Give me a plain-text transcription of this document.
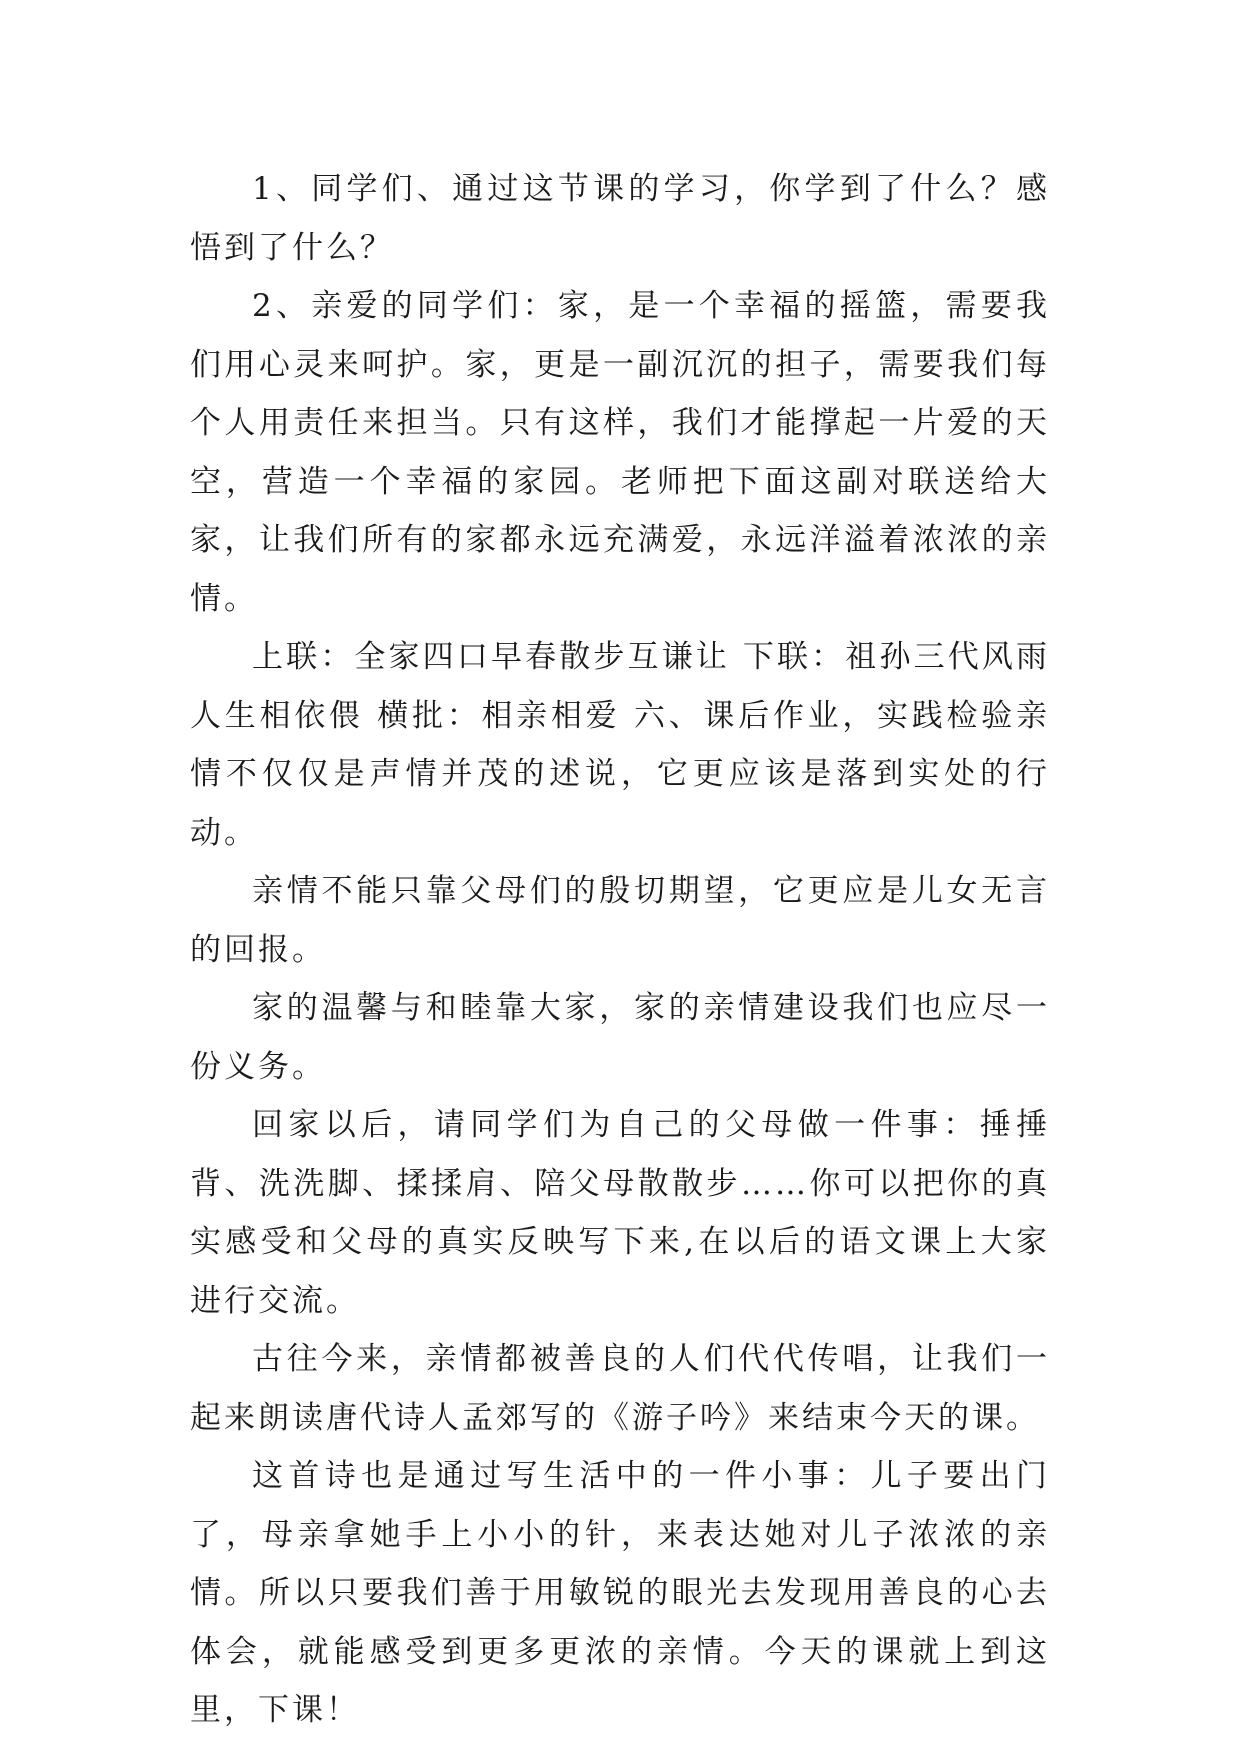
1、同学们、通过这节课的学习，你学到了什么？感悟到了什么？

2、亲爱的同学们：家，是一个幸福的摇篮，需要我们用心灵来呵护。家，更是一副沉沉的担子，需要我们每个人用责任来担当。只有这样，我们才能撑起一片爱的天空，营造一个幸福的家园。老师把下面这副对联送给大家，让我们所有的家都永远充满爱，永远洋溢着浓浓的亲情。

上联：全家四口早春散步互谦让 下联：祖孙三代风雨人生相依偎 横批：相亲相爱 六、课后作业，实践检验亲情不仅仅是声情并茂的述说，它更应该是落到实处的行动。

亲情不能只靠父母们的殷切期望，它更应是儿女无言的回报。

家的温馨与和睦靠大家，家的亲情建设我们也应尽一份义务。

回家以后，请同学们为自己的父母做一件事：捶捶背、洗洗脚、揉揉肩、陪父母散散步……你可以把你的真实感受和父母的真实反映写下来,在以后的语文课上大家进行交流。

古往今来，亲情都被善良的人们代代传唱，让我们一起来朗读唐代诗人孟郊写的《游子吟》来结束今天的课。

这首诗也是通过写生活中的一件小事：儿子要出门了，母亲拿她手上小小的针，来表达她对儿子浓浓的亲情。所以只要我们善于用敏锐的眼光去发现用善良的心去体会，就能感受到更多更浓的亲情。今天的课就上到这里，下课！
